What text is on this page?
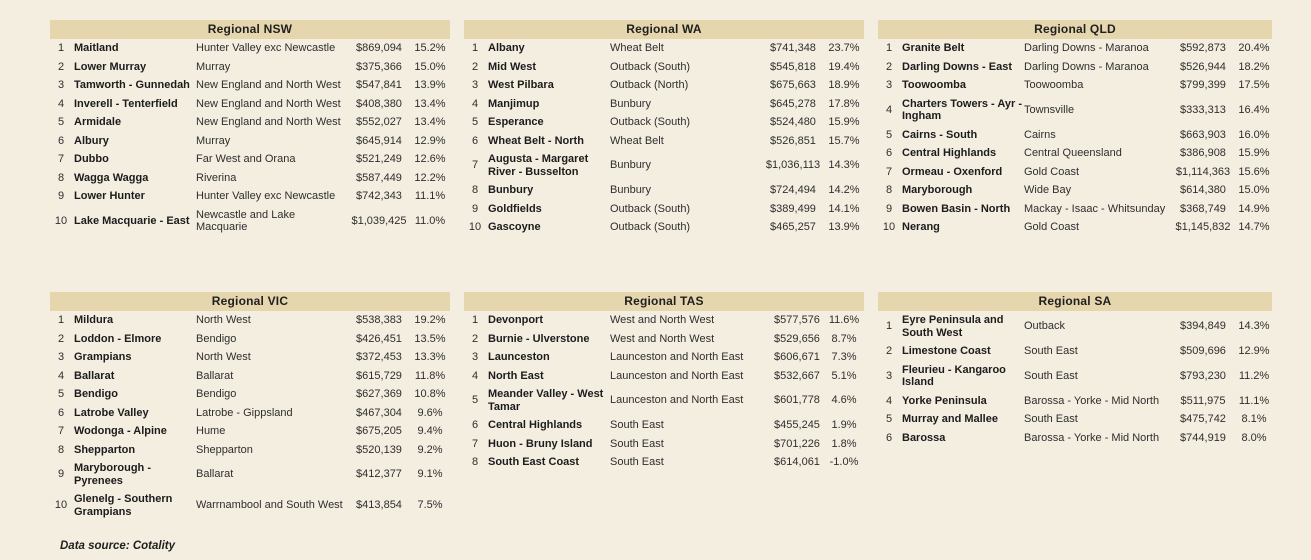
Regional NSW
1	Maitland	Hunter Valley exc Newcastle	$869,094	15.2%
2	Lower Murray	Murray	$375,366	15.0%
3	Tamworth - Gunnedah	New England and North West	$547,841	13.9%
4	Inverell - Tenterfield	New England and North West	$408,380	13.4%
5	Armidale	New England and North West	$552,027	13.4%
6	Albury	Murray	$645,914	12.9%
7	Dubbo	Far West and Orana	$521,249	12.6%
8	Wagga Wagga	Riverina	$587,449	12.2%
9	Lower Hunter	Hunter Valley exc Newcastle	$742,343	11.1%
10	Lake Macquarie - East	Newcastle and Lake Macquarie	$1,039,425	11.0%
Regional WA
1	Albany	Wheat Belt	$741,348	23.7%
2	Mid West	Outback (South)	$545,818	19.4%
3	West Pilbara	Outback (North)	$675,663	18.9%
4	Manjimup	Bunbury	$645,278	17.8%
5	Esperance	Outback (South)	$524,480	15.9%
6	Wheat Belt - North	Wheat Belt	$526,851	15.7%
7	Augusta - Margaret River - Busselton	Bunbury	$1,036,113	14.3%
8	Bunbury	Bunbury	$724,494	14.2%
9	Goldfields	Outback (South)	$389,499	14.1%
10	Gascoyne	Outback (South)	$465,257	13.9%
Regional QLD
1	Granite Belt	Darling Downs - Maranoa	$592,873	20.4%
2	Darling Downs - East	Darling Downs - Maranoa	$526,944	18.2%
3	Toowoomba	Toowoomba	$799,399	17.5%
4	Charters Towers - Ayr - Ingham	Townsville	$333,313	16.4%
5	Cairns - South	Cairns	$663,903	16.0%
6	Central Highlands	Central Queensland	$386,908	15.9%
7	Ormeau - Oxenford	Gold Coast	$1,114,363	15.6%
8	Maryborough	Wide Bay	$614,380	15.0%
9	Bowen Basin - North	Mackay - Isaac - Whitsunday	$368,749	14.9%
10	Nerang	Gold Coast	$1,145,832	14.7%
Regional VIC
1	Mildura	North West	$538,383	19.2%
2	Loddon - Elmore	Bendigo	$426,451	13.5%
3	Grampians	North West	$372,453	13.3%
4	Ballarat	Ballarat	$615,729	11.8%
5	Bendigo	Bendigo	$627,369	10.8%
6	Latrobe Valley	Latrobe - Gippsland	$467,304	9.6%
7	Wodonga - Alpine	Hume	$675,205	9.4%
8	Shepparton	Shepparton	$520,139	9.2%
9	Maryborough - Pyrenees	Ballarat	$412,377	9.1%
10	Glenelg - Southern Grampians	Warrnambool and South West	$413,854	7.5%
Regional TAS
1	Devonport	West and North West	$577,576	11.6%
2	Burnie - Ulverstone	West and North West	$529,656	8.7%
3	Launceston	Launceston and North East	$606,671	7.3%
4	North East	Launceston and North East	$532,667	5.1%
5	Meander Valley - West Tamar	Launceston and North East	$601,778	4.6%
6	Central Highlands	South East	$455,245	1.9%
7	Huon - Bruny Island	South East	$701,226	1.8%
8	South East Coast	South East	$614,061	-1.0%
Regional SA
1	Eyre Peninsula and South West	Outback	$394,849	14.3%
2	Limestone Coast	South East	$509,696	12.9%
3	Fleurieu - Kangaroo Island	South East	$793,230	11.2%
4	Yorke Peninsula	Barossa - Yorke - Mid North	$511,975	11.1%
5	Murray and Mallee	South East	$475,742	8.1%
6	Barossa	Barossa - Yorke - Mid North	$744,919	8.0%
Data source: Cotality
